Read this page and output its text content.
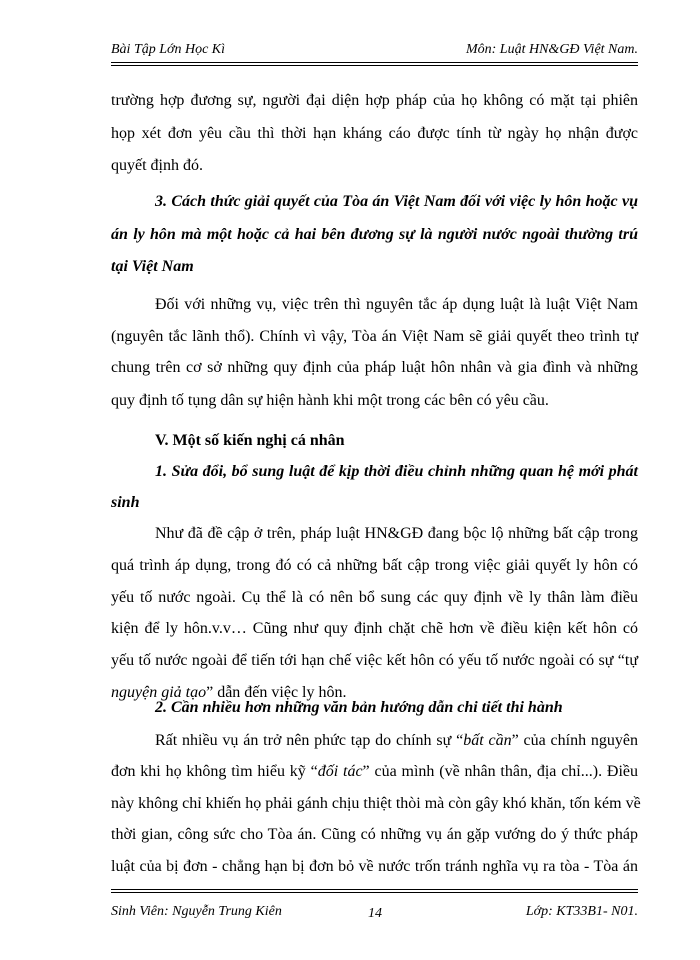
Bài Tập Lớn Học Kì	Môn: Luật HN&GĐ Việt Nam.
trường hợp đương sự, người đại diện hợp pháp của họ không có mặt tại phiên
họp xét đơn yêu cầu thì thời hạn kháng cáo được tính từ ngày họ nhận được
quyết định đó.
3. Cách thức giải quyết của Tòa án Việt Nam đối với việc ly hôn hoặc vụ
án ly hôn mà một hoặc cả hai bên đương sự là người nước ngoài thường trú
tại Việt Nam
Đối với những vụ, việc trên thì nguyên tắc áp dụng luật là luật Việt Nam
(nguyên tắc lãnh thổ). Chính vì vậy, Tòa án Việt Nam sẽ giải quyết theo trình tự
chung trên cơ sở những quy định của pháp luật hôn nhân và gia đình và những
quy định tố tụng dân sự hiện hành khi một trong các bên có yêu cầu.
V. Một số kiến nghị cá nhân
1. Sửa đổi, bổ sung luật để kịp thời điều chỉnh những quan hệ mới phát
sinh
Như đã đề cập ở trên, pháp luật HN&GĐ đang bộc lộ những bất cập trong
quá trình áp dụng, trong đó có cả những bất cập trong việc giải quyết ly hôn có
yếu tố nước ngoài. Cụ thể là có nên bổ sung các quy định về ly thân làm điều
kiện để ly hôn.v.v… Cũng như quy định chặt chẽ hơn về điều kiện kết hôn có
yếu tố nước ngoài để tiến tới hạn chế việc kết hôn có yếu tố nước ngoài có sự “tự
nguyện giả tạo” dẫn đến việc ly hôn.
2. Cần nhiều hơn những văn bản hướng dẫn chi tiết thi hành
Rất nhiều vụ án trở nên phức tạp do chính sự “bất cần” của chính nguyên
đơn khi họ không tìm hiểu kỹ “đối tác” của mình (về nhân thân, địa chỉ...). Điều
này không chỉ khiến họ phải gánh chịu thiệt thòi mà còn gây khó khăn, tốn kém về
thời gian, công sức cho Tòa án. Cũng có những vụ án gặp vướng do ý thức pháp
luật của bị đơn - chẳng hạn bị đơn bỏ về nước trốn tránh nghĩa vụ ra tòa - Tòa án
Sinh Viên: Nguyễn Trung Kiên	14	Lớp: KT33B1- N01.
